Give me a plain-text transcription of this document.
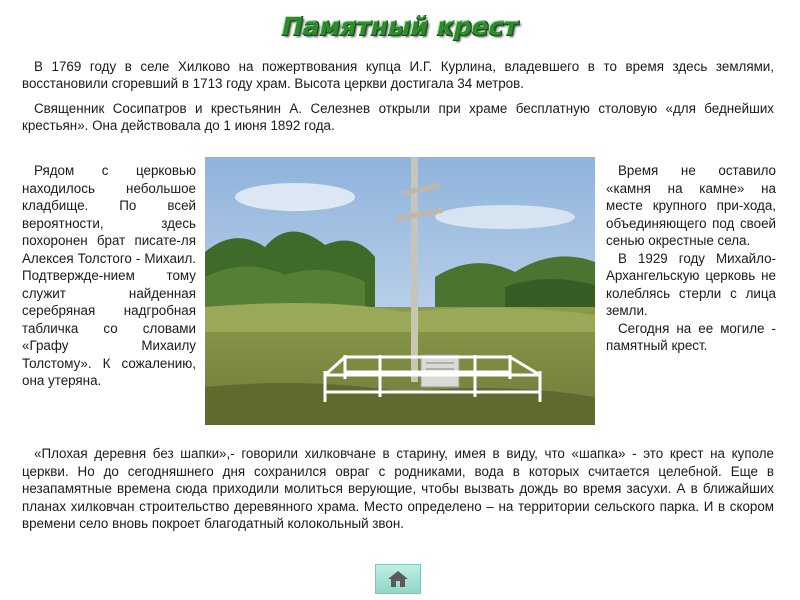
Памятный крест

В 1769 году в селе Хилково на пожертвования купца И.Г. Курлина, владевшего в то время здесь землями, восстановили сгоревший в 1713 году храм. Высота церкви достигала 34 метров.

Священник Сосипатров и крестьянин А. Селезнев открыли при храме бесплатную столовую «для беднейших крестьян». Она действовала до 1 июня 1892 года.

Рядом с церковью находилось небольшое кладбище. По всей вероятности, здесь похоронен брат писате-ля Алексея Толстого - Михаил. Подтвержде-нием тому служит найденная серебряная надгробная табличка со словами «Графу Михаилу Толстому». К сожалению, она утеряна.

Время не оставило «камня на камне» на месте крупного при-хода, объединяющего под своей сенью окрестные села.

В 1929 году Михайло-Архангельскую церковь не колеблясь стерли с лица земли.

Сегодня на ее могиле - памятный крест.

«Плохая деревня без шапки»,- говорили хилковчане в старину, имея в виду, что «шапка» - это крест на куполе церкви. Но до сегодняшнего дня сохранился овраг с родниками, вода в которых считается целебной. Еще в незапамятные времена сюда приходили молиться верующие, чтобы вызвать дождь во время засухи. А в ближайших планах хилковчан строительство деревянного храма. Место определено – на территории сельского парка. И в скором времени село вновь покроет благодатный колокольный звон.
